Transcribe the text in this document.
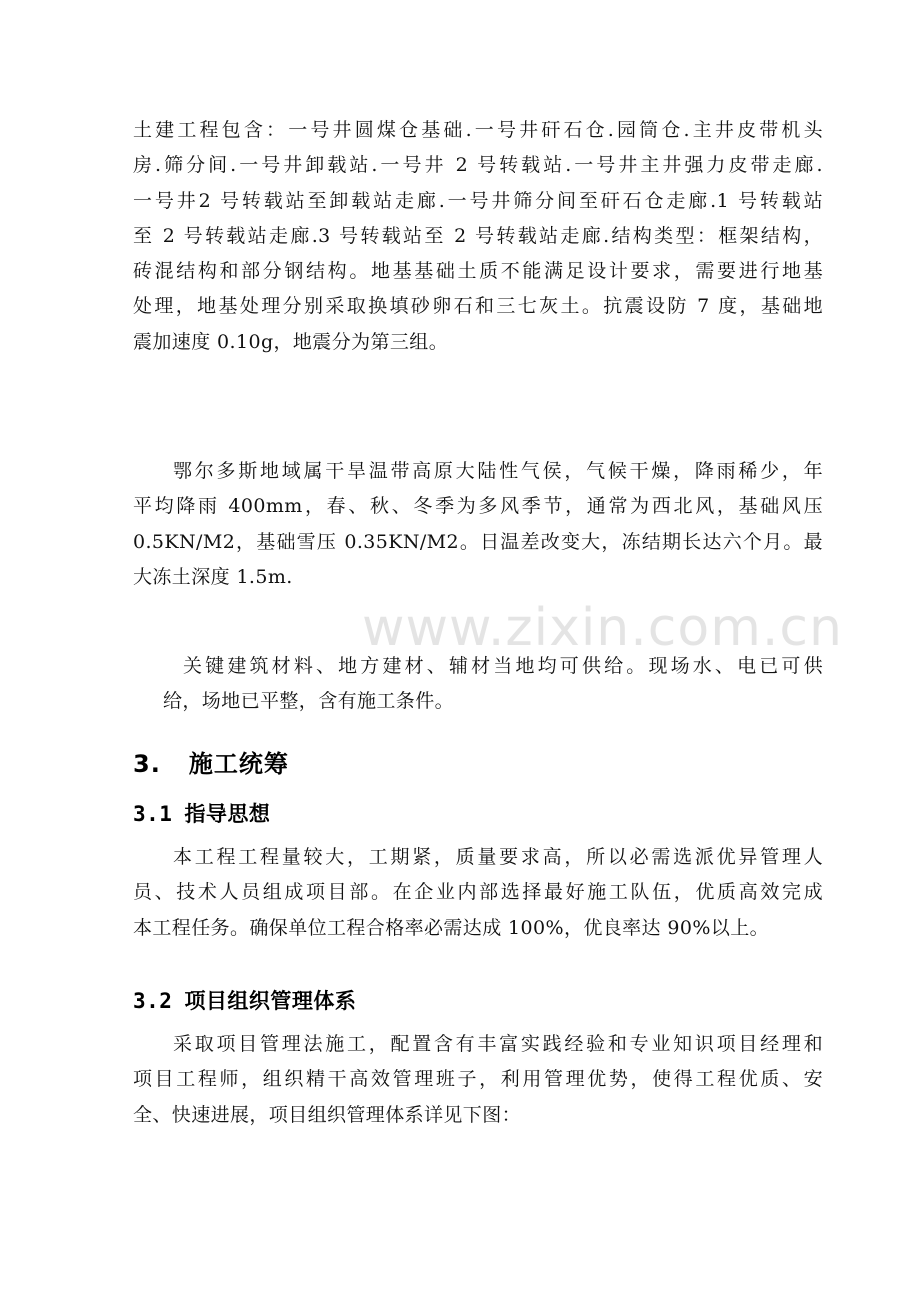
土建工程包含：一号井圆煤仓基础.一号井矸石仓.园筒仓.主井皮带机头
房.筛分间.一号井卸载站.一号井 2 号转载站.一号井主井强力皮带走廊.
一号井2 号转载站至卸载站走廊.一号井筛分间至矸石仓走廊.1 号转载站
至 2 号转载站走廊.3 号转载站至 2 号转载站走廊.结构类型：框架结构，
砖混结构和部分钢结构。地基基础土质不能满足设计要求，需要进行地基
处理，地基处理分别采取换填砂卵石和三七灰土。抗震设防 7 度，基础地
震加速度 0.10g，地震分为第三组。
鄂尔多斯地域属干旱温带高原大陆性气侯，气候干燥，降雨稀少，年
平均降雨 400mm，春、秋、冬季为多风季节，通常为西北风，基础风压
0.5KN/M2，基础雪压 0.35KN/M2。日温差改变大，冻结期长达六个月。最
大冻土深度 1.5m.
关键建筑材料、地方建材、辅材当地均可供给。现场水、电已可供
给，场地已平整，含有施工条件。
3. 施工统筹
3.1 指导思想
本工程工程量较大，工期紧，质量要求高，所以必需选派优异管理人
员、技术人员组成项目部。在企业内部选择最好施工队伍，优质高效完成
本工程任务。确保单位工程合格率必需达成 100%，优良率达 90%以上。
3.2 项目组织管理体系
采取项目管理法施工，配置含有丰富实践经验和专业知识项目经理和
项目工程师，组织精干高效管理班子，利用管理优势，使得工程优质、安
全、快速进展，项目组织管理体系详见下图：
www.zixin.com.cn
